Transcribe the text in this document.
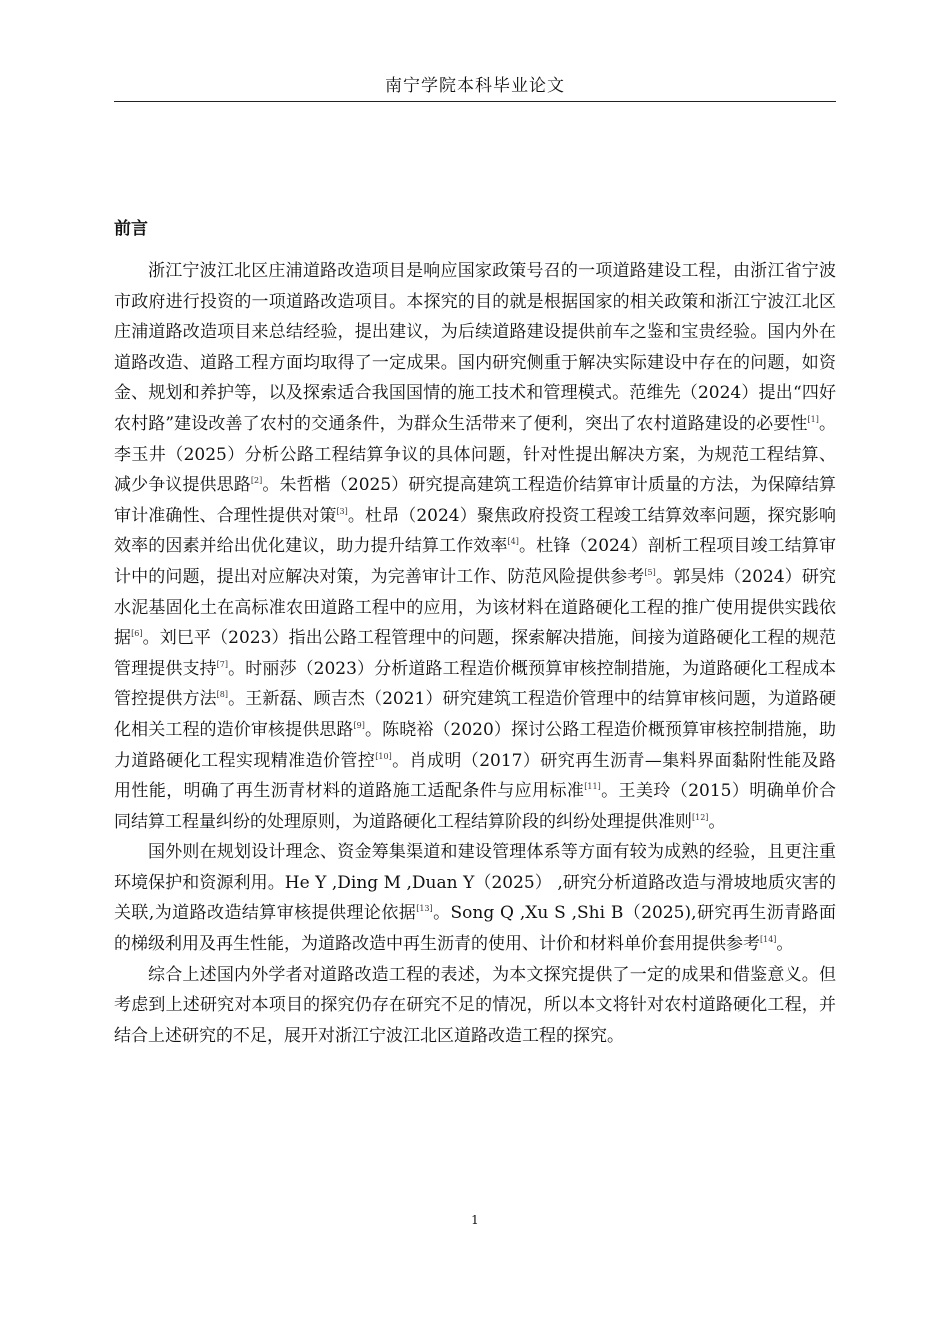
南宁学院本科毕业论文
前言

浙江宁波江北区庄浦道路改造项目是响应国家政策号召的一项道路建设工程，由浙江省宁波市政府进行投资的一项道路改造项目。本探究的目的就是根据国家的相关政策和浙江宁波江北区庄浦道路改造项目来总结经验，提出建议，为后续道路建设提供前车之鉴和宝贵经验。国内外在道路改造、道路工程方面均取得了一定成果。国内研究侧重于解决实际建设中存在的问题，如资金、规划和养护等，以及探索适合我国国情的施工技术和管理模式。范维先（2024）提出“四好农村路”建设改善了农村的交通条件，为群众生活带来了便利，突出了农村道路建设的必要性[1]。李玉井（2025）分析公路工程结算争议的具体问题，针对性提出解决方案，为规范工程结算、减少争议提供思路[2]。朱哲楷（2025）研究提高建筑工程造价结算审计质量的方法，为保障结算审计准确性、合理性提供对策[3]。杜昂（2024）聚焦政府投资工程竣工结算效率问题，探究影响效率的因素并给出优化建议，助力提升结算工作效率[4]。杜锋（2024）剖析工程项目竣工结算审计中的问题，提出对应解决对策，为完善审计工作、防范风险提供参考[5]。郭昊炜（2024）研究水泥基固化土在高标准农田道路工程中的应用，为该材料在道路硬化工程的推广使用提供实践依据[6]。刘巳平（2023）指出公路工程管理中的问题，探索解决措施，间接为道路硬化工程的规范管理提供支持[7]。时丽莎（2023）分析道路工程造价概预算审核控制措施，为道路硬化工程成本管控提供方法[8]。王新磊、顾吉杰（2021）研究建筑工程造价管理中的结算审核问题，为道路硬化相关工程的造价审核提供思路[9]。陈晓裕（2020）探讨公路工程造价概预算审核控制措施，助力道路硬化工程实现精准造价管控[10]。肖成明（2017）研究再生沥青—集料界面黏附性能及路用性能，明确了再生沥青材料的道路施工适配条件与应用标准[11]。王美玲（2015）明确单价合同结算工程量纠纷的处理原则，为道路硬化工程结算阶段的纠纷处理提供准则[12]。

国外则在规划设计理念、资金筹集渠道和建设管理体系等方面有较为成熟的经验，且更注重环境保护和资源利用。He Y ,Ding M ,Duan Y（2025） ,研究分析道路改造与滑坡地质灾害的关联,为道路改造结算审核提供理论依据[13]。Song Q ,Xu S ,Shi B（2025),研究再生沥青路面的梯级利用及再生性能，为道路改造中再生沥青的使用、计价和材料单价套用提供参考[14]。

综合上述国内外学者对道路改造工程的表述，为本文探究提供了一定的成果和借鉴意义。但考虑到上述研究对本项目的探究仍存在研究不足的情况，所以本文将针对农村道路硬化工程，并结合上述研究的不足，展开对浙江宁波江北区道路改造工程的探究。

1
